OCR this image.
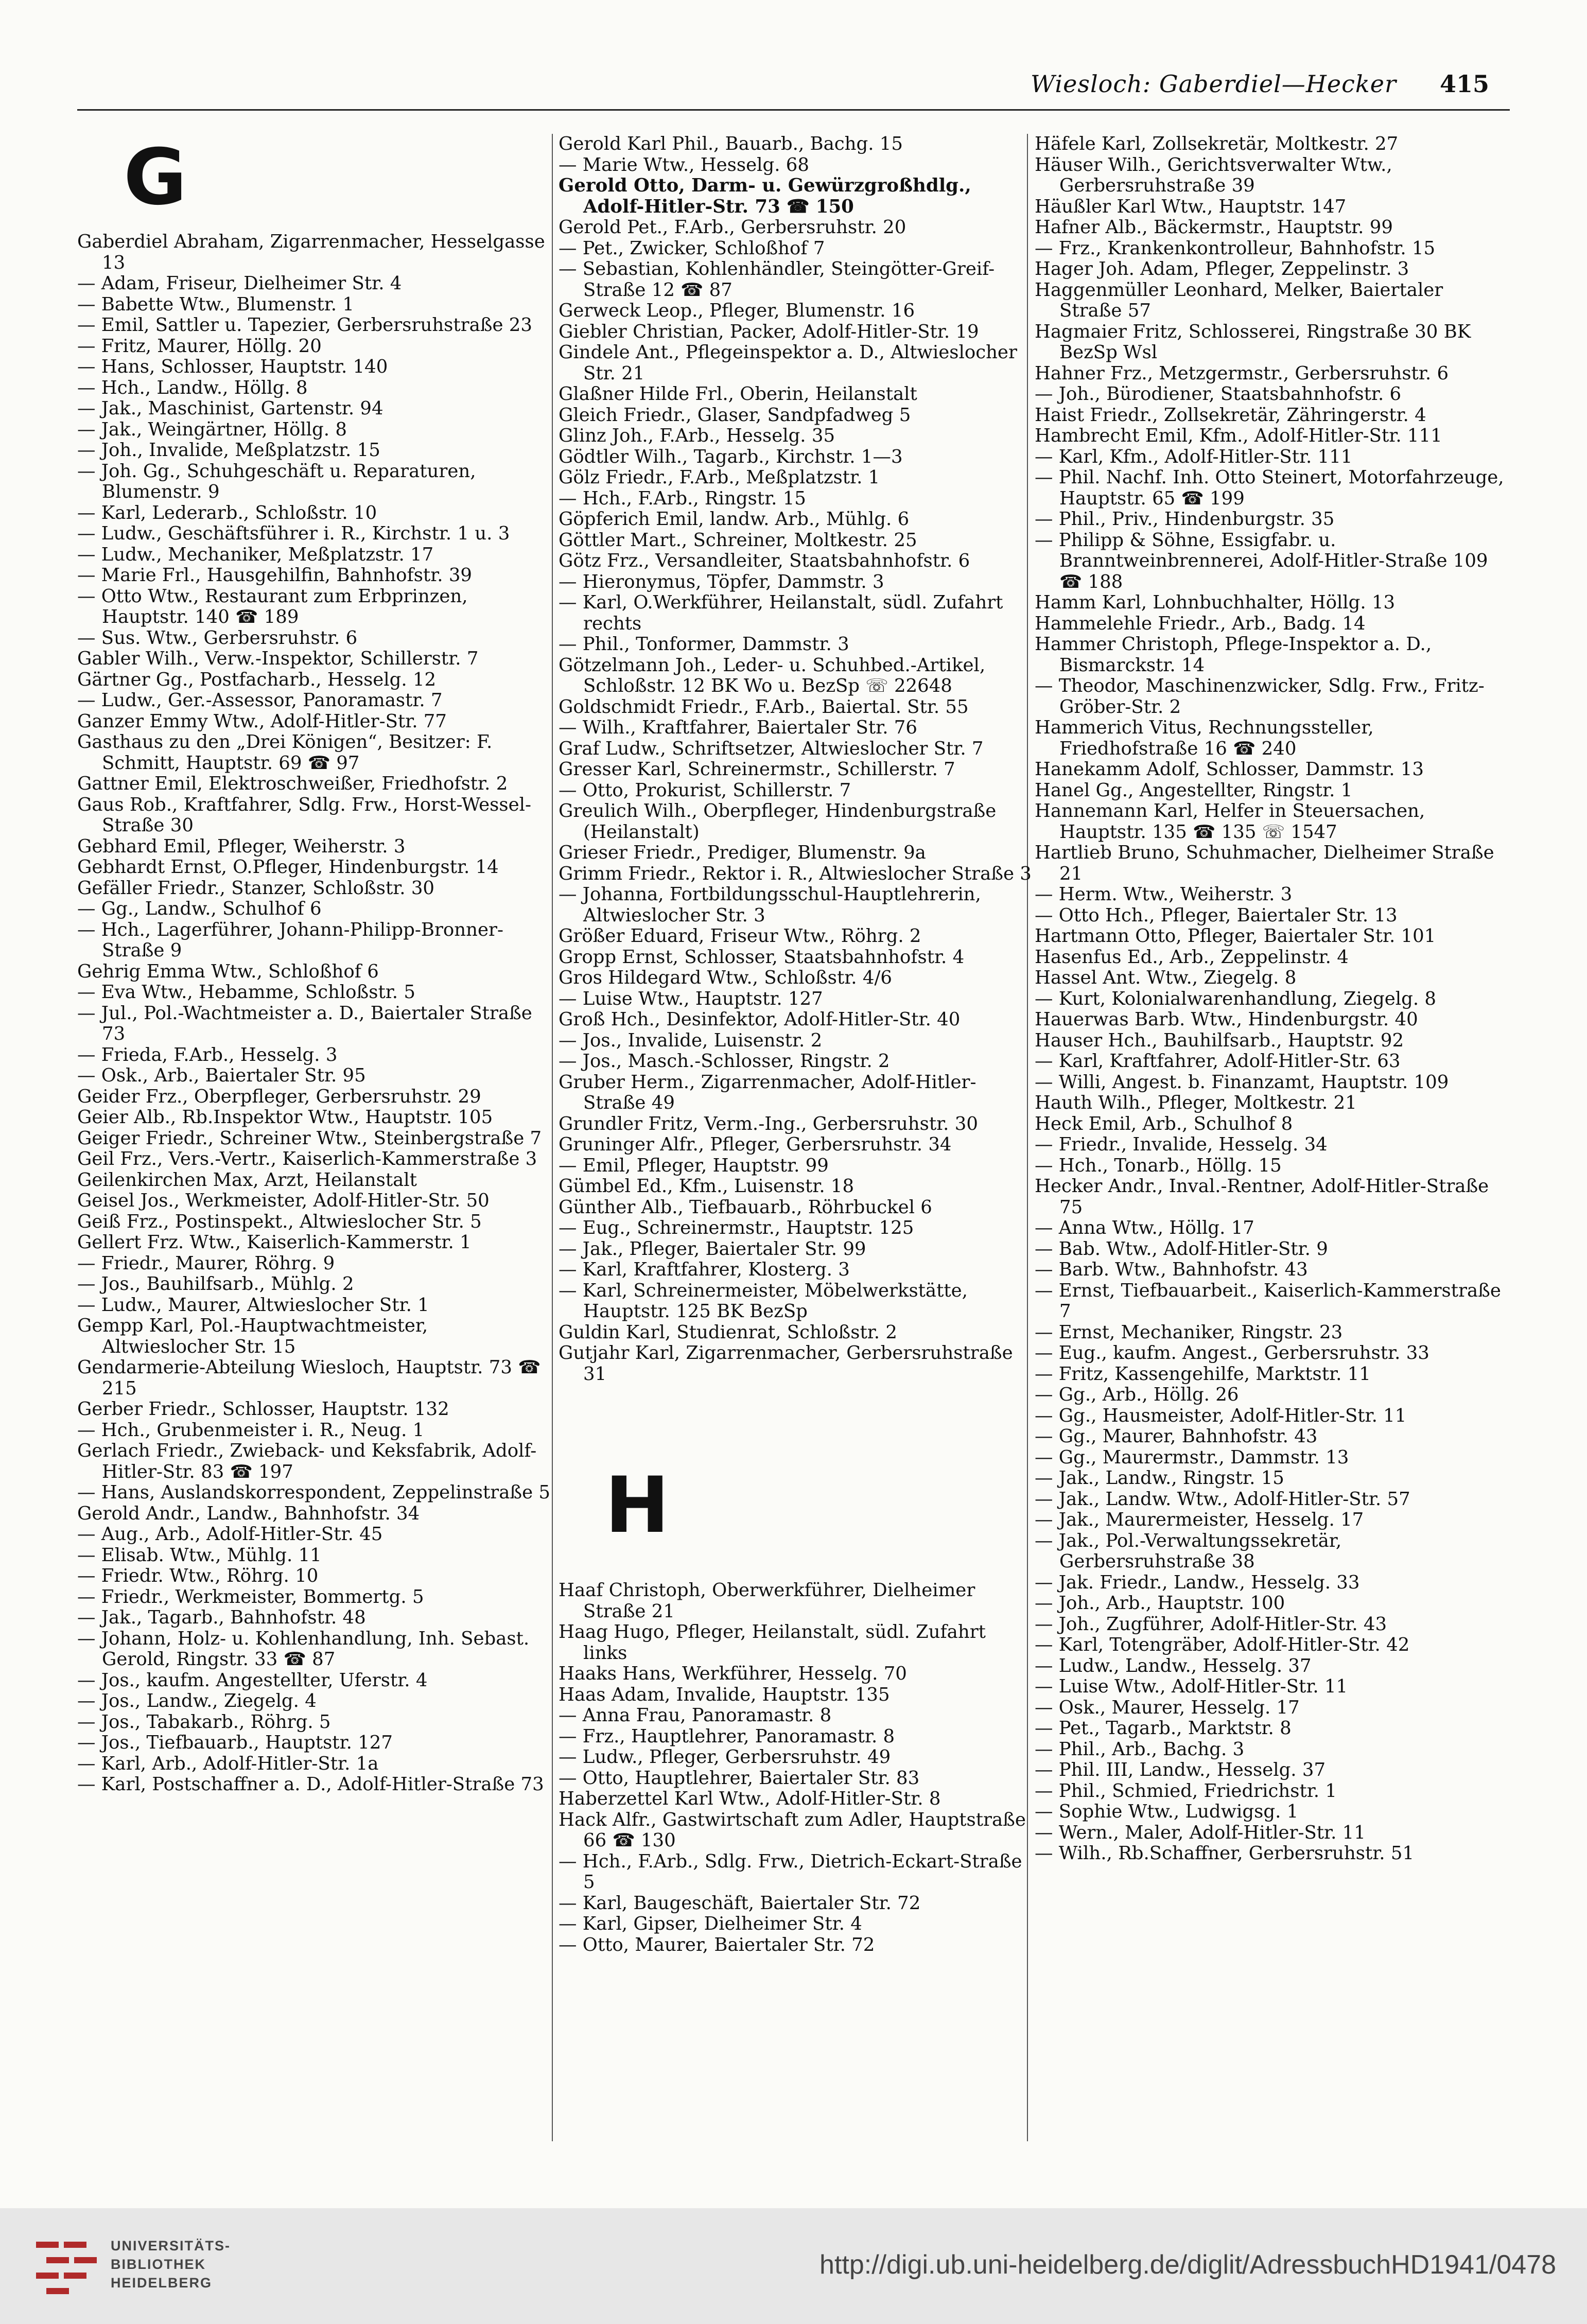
Wiesloch: Gaberdiel—Hecker 415
G
Gaberdiel Abraham, Zigarrenmacher, Hesselgasse 13
— Adam, Friseur, Dielheimer Str. 4
— Babette Wtw., Blumenstr. 1
— Emil, Sattler u. Tapezier, Gerbersruhstraße 23
— Fritz, Maurer, Höllg. 20
— Hans, Schlosser, Hauptstr. 140
— Hch., Landw., Höllg. 8
— Jak., Maschinist, Gartenstr. 94
— Jak., Weingärtner, Höllg. 8
— Joh., Invalide, Meßplatzstr. 15
— Joh. Gg., Schuhgeschäft u. Reparaturen, Blumenstr. 9
— Karl, Lederarb., Schloßstr. 10
— Ludw., Geschäftsführer i. R., Kirchstr. 1 u. 3
— Ludw., Mechaniker, Meßplatzstr. 17
— Marie Frl., Hausgehilfin, Bahnhofstr. 39
— Otto Wtw., Restaurant zum Erbprinzen, Hauptstr. 140 ☎ 189
— Sus. Wtw., Gerbersruhstr. 6
Gabler Wilh., Verw.-Inspektor, Schillerstr. 7
Gärtner Gg., Postfacharb., Hesselg. 12
— Ludw., Ger.-Assessor, Panoramastr. 7
Ganzer Emmy Wtw., Adolf-Hitler-Str. 77
Gasthaus zu den „Drei Königen“, Besitzer: F. Schmitt, Hauptstr. 69 ☎ 97
Gattner Emil, Elektroschweißer, Friedhofstr. 2
Gaus Rob., Kraftfahrer, Sdlg. Frw., Horst-Wessel-Straße 30
Gebhard Emil, Pfleger, Weiherstr. 3
Gebhardt Ernst, O.Pfleger, Hindenburgstr. 14
Gefäller Friedr., Stanzer, Schloßstr. 30
— Gg., Landw., Schulhof 6
— Hch., Lagerführer, Johann-Philipp-Bronner-Straße 9
Gehrig Emma Wtw., Schloßhof 6
— Eva Wtw., Hebamme, Schloßstr. 5
— Jul., Pol.-Wachtmeister a. D., Baiertaler Straße 73
— Frieda, F.Arb., Hesselg. 3
— Osk., Arb., Baiertaler Str. 95
Geider Frz., Oberpfleger, Gerbersruhstr. 29
Geier Alb., Rb.Inspektor Wtw., Hauptstr. 105
Geiger Friedr., Schreiner Wtw., Steinbergstraße 7
Geil Frz., Vers.-Vertr., Kaiserlich-Kammerstraße 3
Geilenkirchen Max, Arzt, Heilanstalt
Geisel Jos., Werkmeister, Adolf-Hitler-Str. 50
Geiß Frz., Postinspekt., Altwieslocher Str. 5
Gellert Frz. Wtw., Kaiserlich-Kammerstr. 1
— Friedr., Maurer, Röhrg. 9
— Jos., Bauhilfsarb., Mühlg. 2
— Ludw., Maurer, Altwieslocher Str. 1
Gempp Karl, Pol.-Hauptwachtmeister, Altwieslocher Str. 15
Gendarmerie-Abteilung Wiesloch, Hauptstr. 73 ☎ 215
Gerber Friedr., Schlosser, Hauptstr. 132
— Hch., Grubenmeister i. R., Neug. 1
Gerlach Friedr., Zwieback- und Keksfabrik, Adolf-Hitler-Str. 83 ☎ 197
— Hans, Auslandskorrespondent, Zeppelinstraße 5
Gerold Andr., Landw., Bahnhofstr. 34
— Aug., Arb., Adolf-Hitler-Str. 45
— Elisab. Wtw., Mühlg. 11
— Friedr. Wtw., Röhrg. 10
— Friedr., Werkmeister, Bommertg. 5
— Jak., Tagarb., Bahnhofstr. 48
— Johann, Holz- u. Kohlenhandlung, Inh. Sebast. Gerold, Ringstr. 33 ☎ 87
— Jos., kaufm. Angestellter, Uferstr. 4
— Jos., Landw., Ziegelg. 4
— Jos., Tabakarb., Röhrg. 5
— Jos., Tiefbauarb., Hauptstr. 127
— Karl, Arb., Adolf-Hitler-Str. 1a
— Karl, Postschaffner a. D., Adolf-Hitler-Straße 73
Gerold Karl Phil., Bauarb., Bachg. 15
— Marie Wtw., Hesselg. 68
Gerold Otto, Darm- u. Gewürzgroßhdlg., Adolf-Hitler-Str. 73 ☎ 150
Gerold Pet., F.Arb., Gerbersruhstr. 20
— Pet., Zwicker, Schloßhof 7
— Sebastian, Kohlenhändler, Steingötter-Greif-Straße 12 ☎ 87
Gerweck Leop., Pfleger, Blumenstr. 16
Giebler Christian, Packer, Adolf-Hitler-Str. 19
Gindele Ant., Pflegeinspektor a. D., Altwieslocher Str. 21
Glaßner Hilde Frl., Oberin, Heilanstalt
Gleich Friedr., Glaser, Sandpfadweg 5
Glinz Joh., F.Arb., Hesselg. 35
Gödtler Wilh., Tagarb., Kirchstr. 1—3
Gölz Friedr., F.Arb., Meßplatzstr. 1
— Hch., F.Arb., Ringstr. 15
Göpferich Emil, landw. Arb., Mühlg. 6
Göttler Mart., Schreiner, Moltkestr. 25
Götz Frz., Versandleiter, Staatsbahnhofstr. 6
— Hieronymus, Töpfer, Dammstr. 3
— Karl, O.Werkführer, Heilanstalt, südl. Zufahrt rechts
— Phil., Tonformer, Dammstr. 3
Götzelmann Joh., Leder- u. Schuhbed.-Artikel, Schloßstr. 12 BK Wo u. BezSp ☏ 22648
Goldschmidt Friedr., F.Arb., Baiertal. Str. 55
— Wilh., Kraftfahrer, Baiertaler Str. 76
Graf Ludw., Schriftsetzer, Altwieslocher Str. 7
Gresser Karl, Schreinermstr., Schillerstr. 7
— Otto, Prokurist, Schillerstr. 7
Greulich Wilh., Oberpfleger, Hindenburgstraße (Heilanstalt)
Grieser Friedr., Prediger, Blumenstr. 9a
Grimm Friedr., Rektor i. R., Altwieslocher Straße 3
— Johanna, Fortbildungsschul-Hauptlehrerin, Altwieslocher Str. 3
Größer Eduard, Friseur Wtw., Röhrg. 2
Gropp Ernst, Schlosser, Staatsbahnhofstr. 4
Gros Hildegard Wtw., Schloßstr. 4/6
— Luise Wtw., Hauptstr. 127
Groß Hch., Desinfektor, Adolf-Hitler-Str. 40
— Jos., Invalide, Luisenstr. 2
— Jos., Masch.-Schlosser, Ringstr. 2
Gruber Herm., Zigarrenmacher, Adolf-Hitler-Straße 49
Grundler Fritz, Verm.-Ing., Gerbersruhstr. 30
Gruninger Alfr., Pfleger, Gerbersruhstr. 34
— Emil, Pfleger, Hauptstr. 99
Gümbel Ed., Kfm., Luisenstr. 18
Günther Alb., Tiefbauarb., Röhrbuckel 6
— Eug., Schreinermstr., Hauptstr. 125
— Jak., Pfleger, Baiertaler Str. 99
— Karl, Kraftfahrer, Klosterg. 3
— Karl, Schreinermeister, Möbelwerkstätte, Hauptstr. 125 BK BezSp
Guldin Karl, Studienrat, Schloßstr. 2
Gutjahr Karl, Zigarrenmacher, Gerbersruhstraße 31
H
Haaf Christoph, Oberwerkführer, Dielheimer Straße 21
Haag Hugo, Pfleger, Heilanstalt, südl. Zufahrt links
Haaks Hans, Werkführer, Hesselg. 70
Haas Adam, Invalide, Hauptstr. 135
— Anna Frau, Panoramastr. 8
— Frz., Hauptlehrer, Panoramastr. 8
— Ludw., Pfleger, Gerbersruhstr. 49
— Otto, Hauptlehrer, Baiertaler Str. 83
Haberzettel Karl Wtw., Adolf-Hitler-Str. 8
Hack Alfr., Gastwirtschaft zum Adler, Hauptstraße 66 ☎ 130
— Hch., F.Arb., Sdlg. Frw., Dietrich-Eckart-Straße 5
— Karl, Baugeschäft, Baiertaler Str. 72
— Karl, Gipser, Dielheimer Str. 4
— Otto, Maurer, Baiertaler Str. 72
Häfele Karl, Zollsekretär, Moltkestr. 27
Häuser Wilh., Gerichtsverwalter Wtw., Gerbersruhstraße 39
Häußler Karl Wtw., Hauptstr. 147
Hafner Alb., Bäckermstr., Hauptstr. 99
— Frz., Krankenkontrolleur, Bahnhofstr. 15
Hager Joh. Adam, Pfleger, Zeppelinstr. 3
Haggenmüller Leonhard, Melker, Baiertaler Straße 57
Hagmaier Fritz, Schlosserei, Ringstraße 30 BK BezSp Wsl
Hahner Frz., Metzgermstr., Gerbersruhstr. 6
— Joh., Bürodiener, Staatsbahnhofstr. 6
Haist Friedr., Zollsekretär, Zähringerstr. 4
Hambrecht Emil, Kfm., Adolf-Hitler-Str. 111
— Karl, Kfm., Adolf-Hitler-Str. 111
— Phil. Nachf. Inh. Otto Steinert, Motorfahrzeuge, Hauptstr. 65 ☎ 199
— Phil., Priv., Hindenburgstr. 35
— Philipp & Söhne, Essigfabr. u. Branntweinbrennerei, Adolf-Hitler-Straße 109 ☎ 188
Hamm Karl, Lohnbuchhalter, Höllg. 13
Hammelehle Friedr., Arb., Badg. 14
Hammer Christoph, Pflege-Inspektor a. D., Bismarckstr. 14
— Theodor, Maschinenzwicker, Sdlg. Frw., Fritz-Gröber-Str. 2
Hammerich Vitus, Rechnungssteller, Friedhofstraße 16 ☎ 240
Hanekamm Adolf, Schlosser, Dammstr. 13
Hanel Gg., Angestellter, Ringstr. 1
Hannemann Karl, Helfer in Steuersachen, Hauptstr. 135 ☎ 135 ☏ 1547
Hartlieb Bruno, Schuhmacher, Dielheimer Straße 21
— Herm. Wtw., Weiherstr. 3
— Otto Hch., Pfleger, Baiertaler Str. 13
Hartmann Otto, Pfleger, Baiertaler Str. 101
Hasenfus Ed., Arb., Zeppelinstr. 4
Hassel Ant. Wtw., Ziegelg. 8
— Kurt, Kolonialwarenhandlung, Ziegelg. 8
Hauerwas Barb. Wtw., Hindenburgstr. 40
Hauser Hch., Bauhilfsarb., Hauptstr. 92
— Karl, Kraftfahrer, Adolf-Hitler-Str. 63
— Willi, Angest. b. Finanzamt, Hauptstr. 109
Hauth Wilh., Pfleger, Moltkestr. 21
Heck Emil, Arb., Schulhof 8
— Friedr., Invalide, Hesselg. 34
— Hch., Tonarb., Höllg. 15
Hecker Andr., Inval.-Rentner, Adolf-Hitler-Straße 75
— Anna Wtw., Höllg. 17
— Bab. Wtw., Adolf-Hitler-Str. 9
— Barb. Wtw., Bahnhofstr. 43
— Ernst, Tiefbauarbeit., Kaiserlich-Kammerstraße 7
— Ernst, Mechaniker, Ringstr. 23
— Eug., kaufm. Angest., Gerbersruhstr. 33
— Fritz, Kassengehilfe, Marktstr. 11
— Gg., Arb., Höllg. 26
— Gg., Hausmeister, Adolf-Hitler-Str. 11
— Gg., Maurer, Bahnhofstr. 43
— Gg., Maurermstr., Dammstr. 13
— Jak., Landw., Ringstr. 15
— Jak., Landw. Wtw., Adolf-Hitler-Str. 57
— Jak., Maurermeister, Hesselg. 17
— Jak., Pol.-Verwaltungssekretär, Gerbersruhstraße 38
— Jak. Friedr., Landw., Hesselg. 33
— Joh., Arb., Hauptstr. 100
— Joh., Zugführer, Adolf-Hitler-Str. 43
— Karl, Totengräber, Adolf-Hitler-Str. 42
— Ludw., Landw., Hesselg. 37
— Luise Wtw., Adolf-Hitler-Str. 11
— Osk., Maurer, Hesselg. 17
— Pet., Tagarb., Marktstr. 8
— Phil., Arb., Bachg. 3
— Phil. III, Landw., Hesselg. 37
— Phil., Schmied, Friedrichstr. 1
— Sophie Wtw., Ludwigsg. 1
— Wern., Maler, Adolf-Hitler-Str. 11
— Wilh., Rb.Schaffner, Gerbersruhstr. 51
UNIVERSITÄTS-
BIBLIOTHEK
HEIDELBERG
http://digi.ub.uni-heidelberg.de/diglit/AdressbuchHD1941/0478
